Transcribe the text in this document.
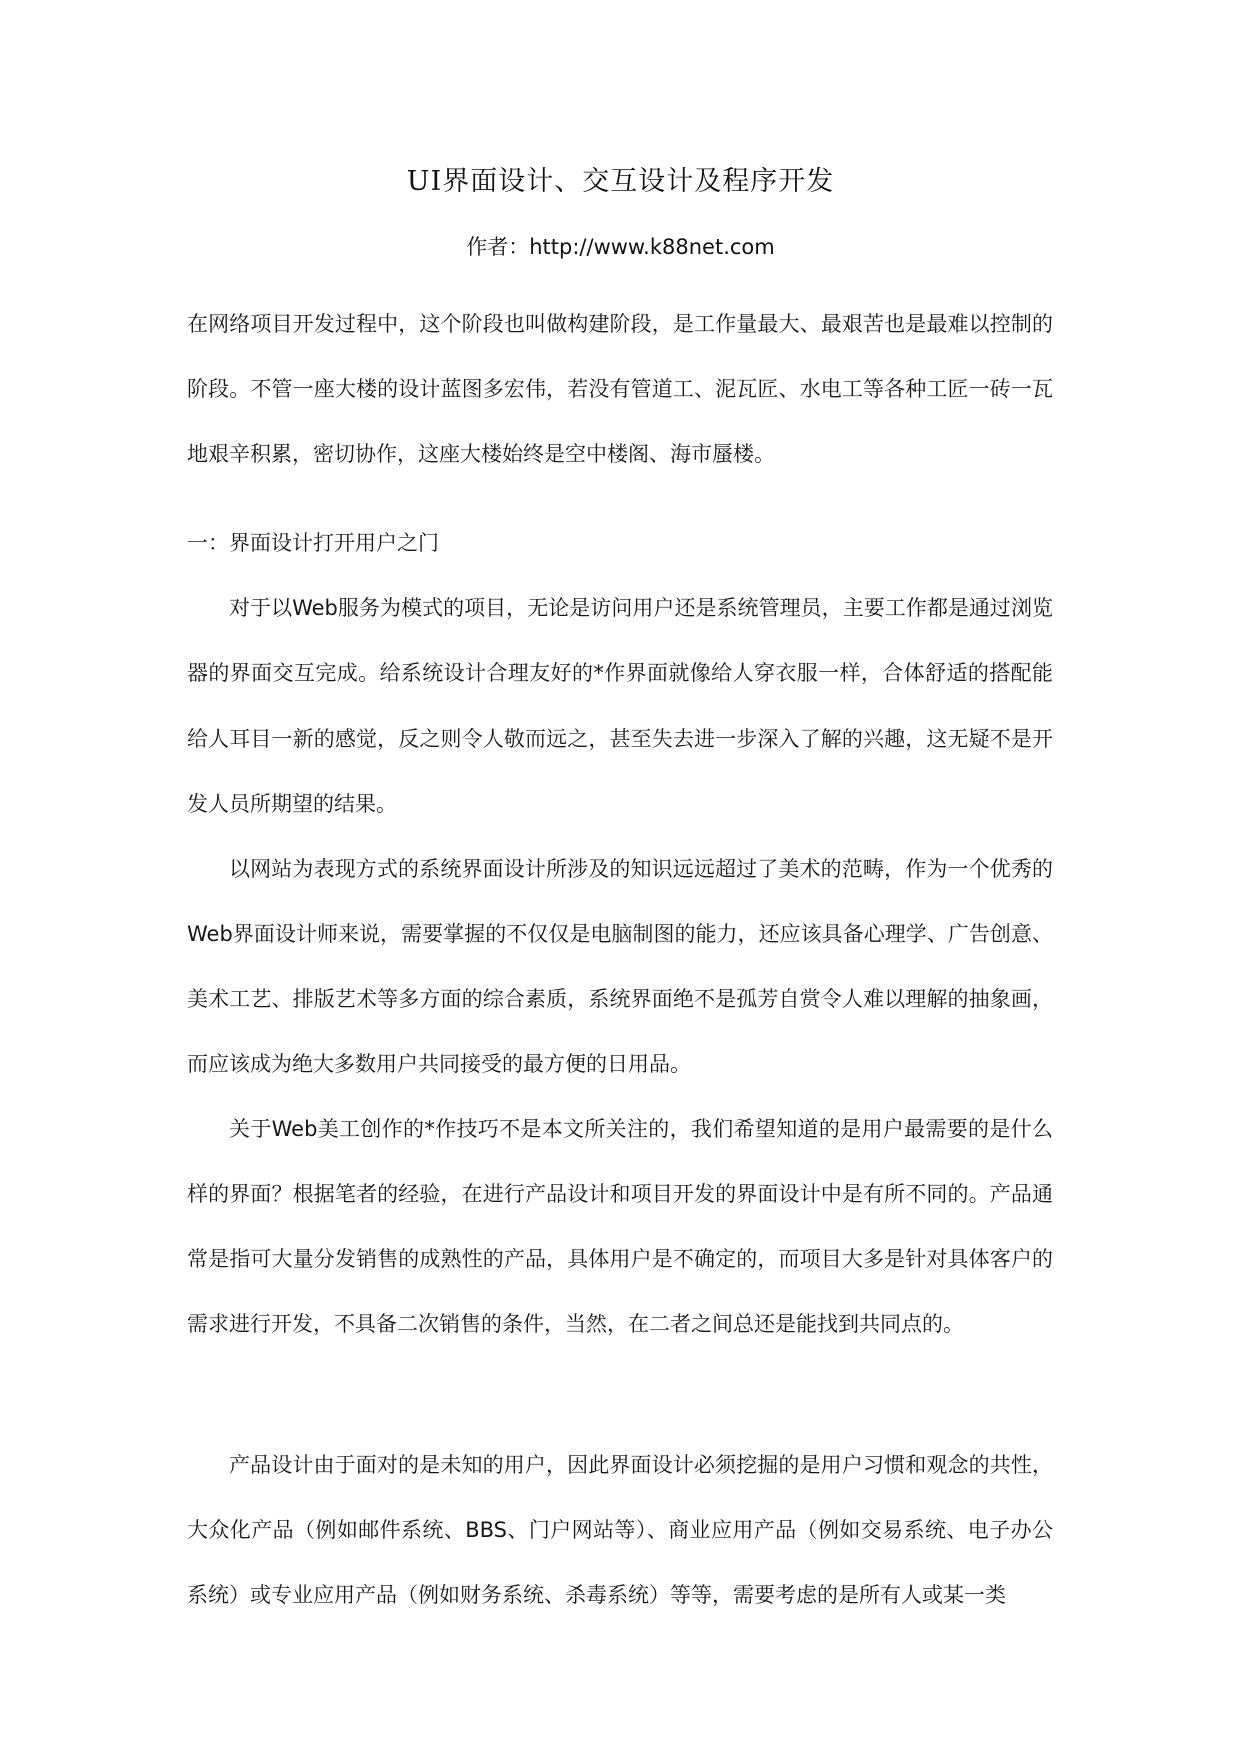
UI界面设计、交互设计及程序开发
作者：http://www.k88net.com

在网络项目开发过程中，这个阶段也叫做构建阶段，是工作量最大、最艰苦也是最难以控制的阶段。不管一座大楼的设计蓝图多宏伟，若没有管道工、泥瓦匠、水电工等各种工匠一砖一瓦地艰辛积累，密切协作，这座大楼始终是空中楼阁、海市蜃楼。

一：界面设计打开用户之门

对于以Web服务为模式的项目，无论是访问用户还是系统管理员，主要工作都是通过浏览器的界面交互完成。给系统设计合理友好的*作界面就像给人穿衣服一样，合体舒适的搭配能给人耳目一新的感觉，反之则令人敬而远之，甚至失去进一步深入了解的兴趣，这无疑不是开发人员所期望的结果。

以网站为表现方式的系统界面设计所涉及的知识远远超过了美术的范畴，作为一个优秀的Web界面设计师来说，需要掌握的不仅仅是电脑制图的能力，还应该具备心理学、广告创意、美术工艺、排版艺术等多方面的综合素质，系统界面绝不是孤芳自赏令人难以理解的抽象画，而应该成为绝大多数用户共同接受的最方便的日用品。

关于Web美工创作的*作技巧不是本文所关注的，我们希望知道的是用户最需要的是什么样的界面？根据笔者的经验，在进行产品设计和项目开发的界面设计中是有所不同的。产品通常是指可大量分发销售的成熟性的产品，具体用户是不确定的，而项目大多是针对具体客户的需求进行开发，不具备二次销售的条件，当然，在二者之间总还是能找到共同点的。

产品设计由于面对的是未知的用户，因此界面设计必须挖掘的是用户习惯和观念的共性，大众化产品（例如邮件系统、BBS、门户网站等）、商业应用产品（例如交易系统、电子办公系统）或专业应用产品（例如财务系统、杀毒系统）等等，需要考虑的是所有人或某一类
